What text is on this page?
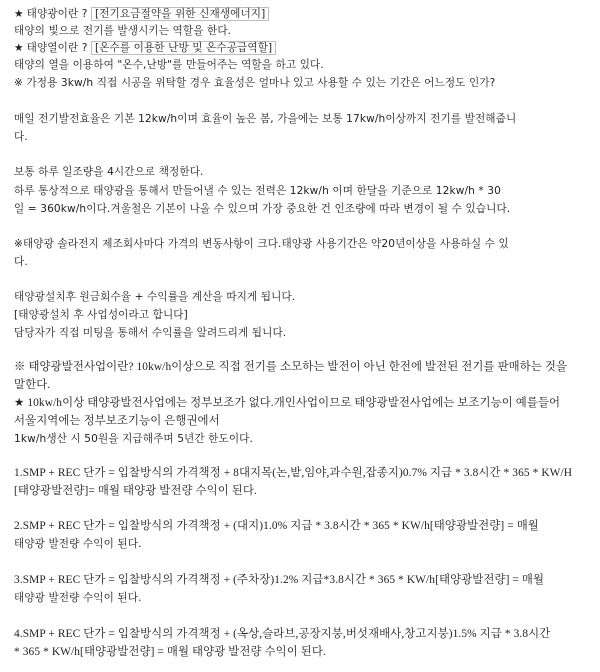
★ 태양광이란 ? [전기요금절약을 위한 신재생에너지]
태양의 빛으로 전기를 발생시키는 역할을 한다.
★ 태양열이란 ? [온수를 이용한 난방 및 온수공급역할]
태양의 열을 이용하여 "온수,난방"를 만들어주는 역할을 하고 있다.
※ 가정용 3kw/h 직접 시공을 위탁할 경우 효율성은 얼마나 있고 사용할 수 있는 기간은 어느정도 인가?
매일 전기발전효율은 기본 12kw/h이며 효율이 높은 봄, 가을에는 보통 17kw/h이상까지 전기를 발전해줍니
다.
보통 하루 일조량을 4시간으로 책정한다.
하루 통상적으로 태양광을 통해서 만들어낼 수 있는 전력은 12kw/h 이며 한달을 기준으로 12kw/h * 30
일 = 360kw/h이다.겨울철은 기본이 나올 수 있으며 가장 중요한 건 인조량에 따라 변경이 될 수 있습니다.
※태양광 솔라전지 제조회사마다 가격의 변동사항이 크다.태양광 사용기간은 약20년이상을 사용하실 수 있
다.
태양광설치후 원금회수율 + 수익률을 계산을 따지게 됩니다.
[태양광설치 후 사업성이라고 합니다]
담당자가 직접 미팅을 통해서 수익률을 알려드리게 됩니다.
※ 태양광발전사업이란? 10kw/h이상으로 직접 전기를 소모하는 발전이 아닌 한전에 발전된 전기를 판매하는 것을
말한다.
★ 10kw/h이상 태양광발전사업에는 정부보조가 없다.개인사업이므로 태양광발전사업에는 보조기능이 예를들어
서울지역에는 정부보조기능이 은행권에서
1kw/h생산 시 50원을 지급해주며 5년간 한도이다.
1.SMP + REC 단가 = 입찰방식의 가격책정 + 8대지목(논,밭,임야,과수원,잡종지)0.7% 지급 * 3.8시간 * 365 * KW/H
[태양광발전량]= 매월 태양광 발전량 수익이 된다.
2.SMP + REC 단가 = 입찰방식의 가격책정 + (대지)1.0% 지급 * 3.8시간 * 365 * KW/h[태양광발전량] = 매월
태양광 발전량 수익이 된다.
3.SMP + REC 단가 = 입찰방식의 가격책정 + (주차장)1.2% 지급*3.8시간 * 365 * KW/h[태양광발전량] = 매월
태양광 발전량 수익이 된다.
4.SMP + REC 단가 = 입찰방식의 가격책정 + (옥상,슬라브,공장지붕,버섯재배사,창고지붕)1.5% 지급 * 3.8시간
* 365 * KW/h[태양광발전량] = 매월 태양광 발전량 수익이 된다.
